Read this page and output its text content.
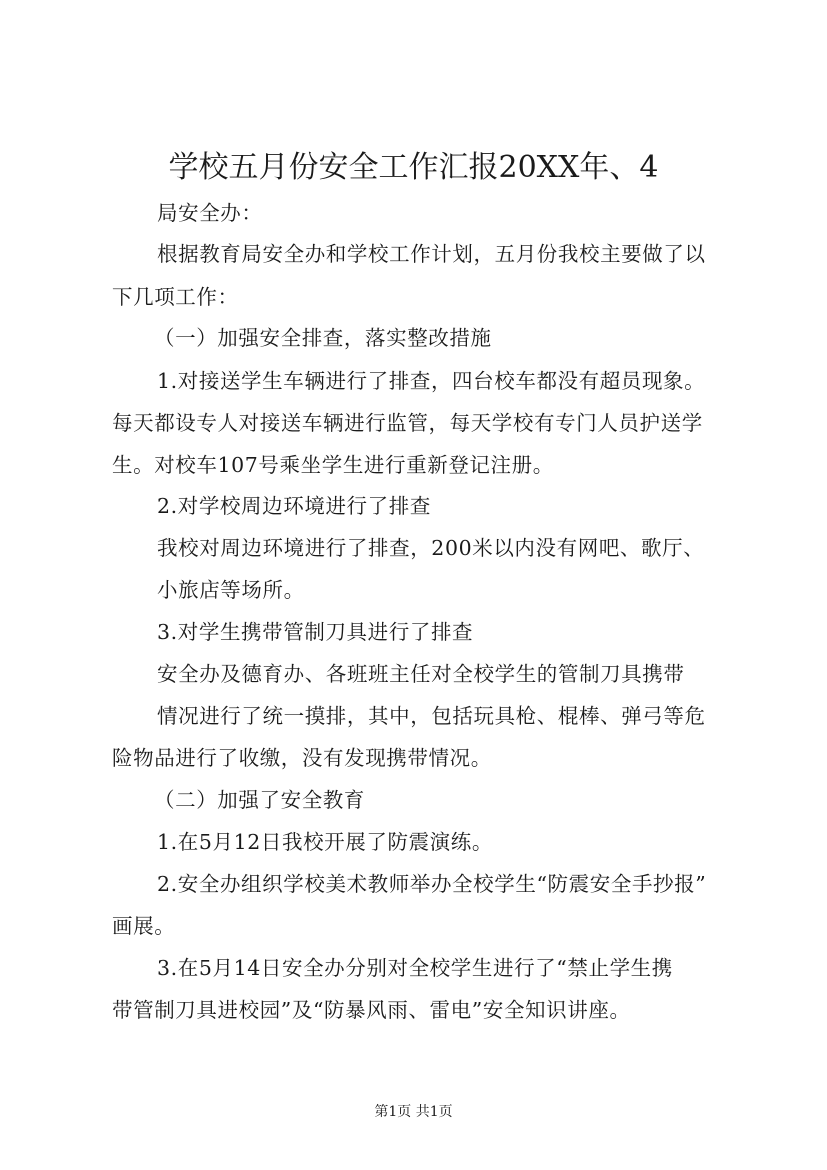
学校五月份安全工作汇报20XX年、4
局安全办：
根据教育局安全办和学校工作计划，五月份我校主要做了以
下几项工作：
（一）加强安全排查，落实整改措施
1.对接送学生车辆进行了排查，四台校车都没有超员现象。
每天都设专人对接送车辆进行监管，每天学校有专门人员护送学
生。对校车107号乘坐学生进行重新登记注册。
2.对学校周边环境进行了排查
我校对周边环境进行了排查，200米以内没有网吧、歌厅、
小旅店等场所。
3.对学生携带管制刀具进行了排查
安全办及德育办、各班班主任对全校学生的管制刀具携带
情况进行了统一摸排，其中，包括玩具枪、棍棒、弹弓等危
险物品进行了收缴，没有发现携带情况。
（二）加强了安全教育
1.在5月12日我校开展了防震演练。
2.安全办组织学校美术教师举办全校学生“防震安全手抄报”
画展。
3.在5月14日安全办分别对全校学生进行了“禁止学生携
带管制刀具进校园”及“防暴风雨、雷电”安全知识讲座。
第1页 共1页
